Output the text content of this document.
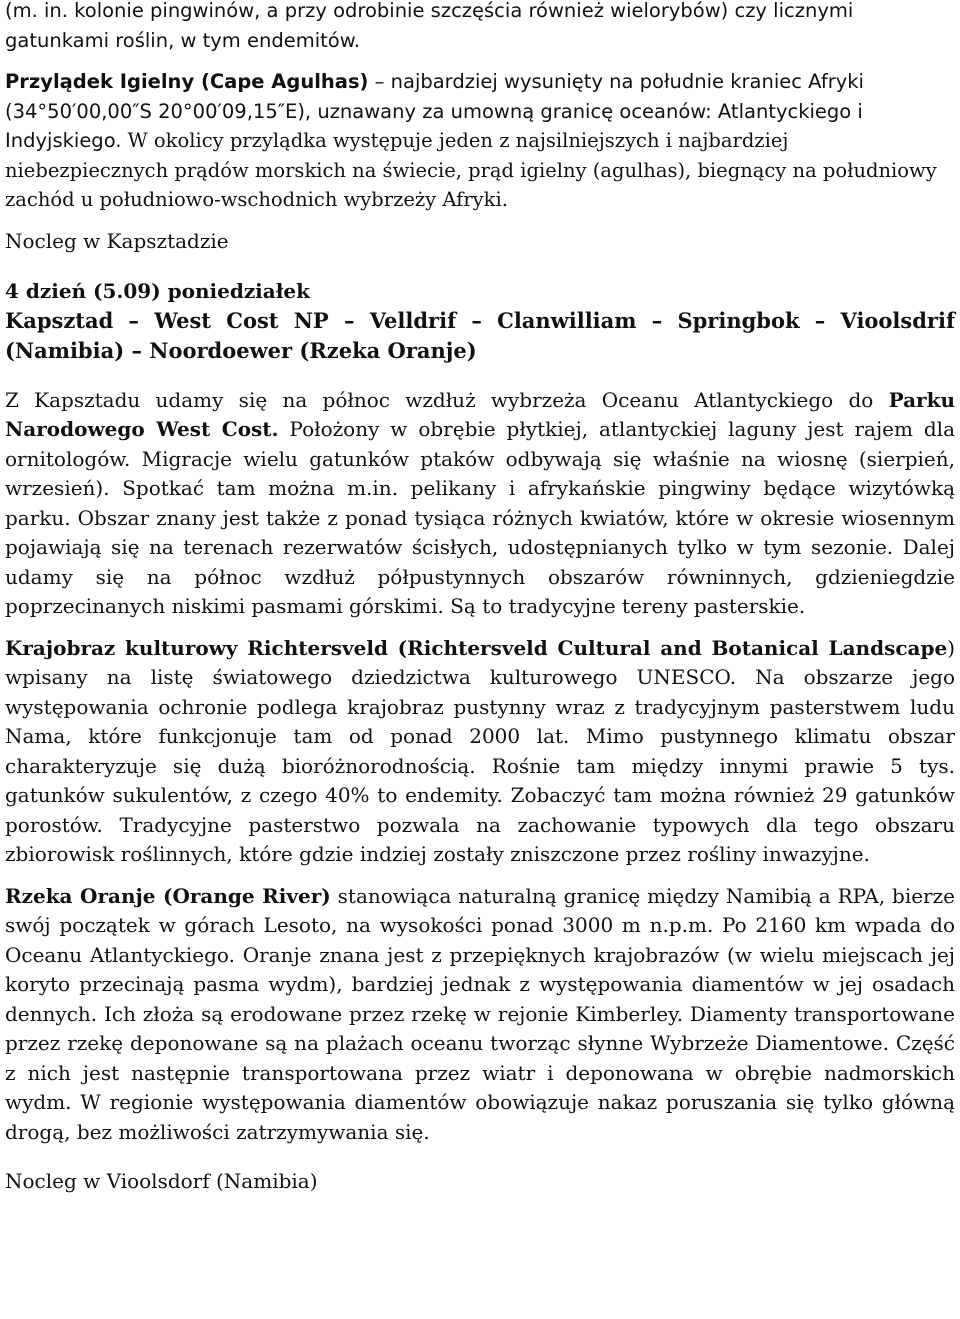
(m. in. kolonie pingwinów, a przy odrobinie szczęścia również wielorybów) czy licznymi gatunkami roślin, w tym endemitów.

Przylądek Igielny (Cape Agulhas) – najbardziej wysunięty na południe kraniec Afryki (34°50′00,00″S 20°00′09,15″E), uznawany za umowną granicę oceanów: Atlantyckiego i Indyjskiego. W okolicy przylądka występuje jeden z najsilniejszych i najbardziej niebezpiecznych prądów morskich na świecie, prąd igielny (agulhas), biegnący na południowy zachód u południowo-wschodnich wybrzeży Afryki.

Nocleg w Kapsztadzie

4 dzień (5.09) poniedziałek

Kapsztad – West Cost NP – Velldrif – Clanwilliam – Springbok – Vioolsdrif (Namibia) – Noordoewer (Rzeka Oranje)

Z Kapsztadu udamy się na północ wzdłuż wybrzeża Oceanu Atlantyckiego do Parku Narodowego West Cost. Położony w obrębie płytkiej, atlantyckiej laguny jest rajem dla ornitologów. Migracje wielu gatunków ptaków odbywają się właśnie na wiosnę (sierpień, wrzesień). Spotkać tam można m.in. pelikany i afrykańskie pingwiny będące wizytówką parku. Obszar znany jest także z ponad tysiąca różnych kwiatów, które w okresie wiosennym pojawiają się na terenach rezerwatów ścisłych, udostępnianych tylko w tym sezonie. Dalej udamy się na północ wzdłuż półpustynnych obszarów równinnych, gdzieniegdzie poprzecinanych niskimi pasmami górskimi. Są to tradycyjne tereny pasterskie.

Krajobraz kulturowy Richtersveld (Richtersveld Cultural and Botanical Landscape) wpisany na listę światowego dziedzictwa kulturowego UNESCO. Na obszarze jego występowania ochronie podlega krajobraz pustynny wraz z tradycyjnym pasterstwem ludu Nama, które funkcjonuje tam od ponad 2000 lat. Mimo pustynnego klimatu obszar charakteryzuje się dużą bioróżnorodnością. Rośnie tam między innymi prawie 5 tys. gatunków sukulentów, z czego 40% to endemity. Zobaczyć tam można również 29 gatunków porostów. Tradycyjne pasterstwo pozwala na zachowanie typowych dla tego obszaru zbiorowisk roślinnych, które gdzie indziej zostały zniszczone przez rośliny inwazyjne.

Rzeka Oranje (Orange River) stanowiąca naturalną granicę między Namibią a RPA, bierze swój początek w górach Lesoto, na wysokości ponad 3000 m n.p.m. Po 2160 km wpada do Oceanu Atlantyckiego. Oranje znana jest z przepięknych krajobrazów (w wielu miejscach jej koryto przecinają pasma wydm), bardziej jednak z występowania diamentów w jej osadach dennych. Ich złoża są erodowane przez rzekę w rejonie Kimberley. Diamenty transportowane przez rzekę deponowane są na plażach oceanu tworząc słynne Wybrzeże Diamentowe. Część z nich jest następnie transportowana przez wiatr i deponowana w obrębie nadmorskich wydm. W regionie występowania diamentów obowiązuje nakaz poruszania się tylko główną drogą, bez możliwości zatrzymywania się.

Nocleg w Vioolsdorf (Namibia)
